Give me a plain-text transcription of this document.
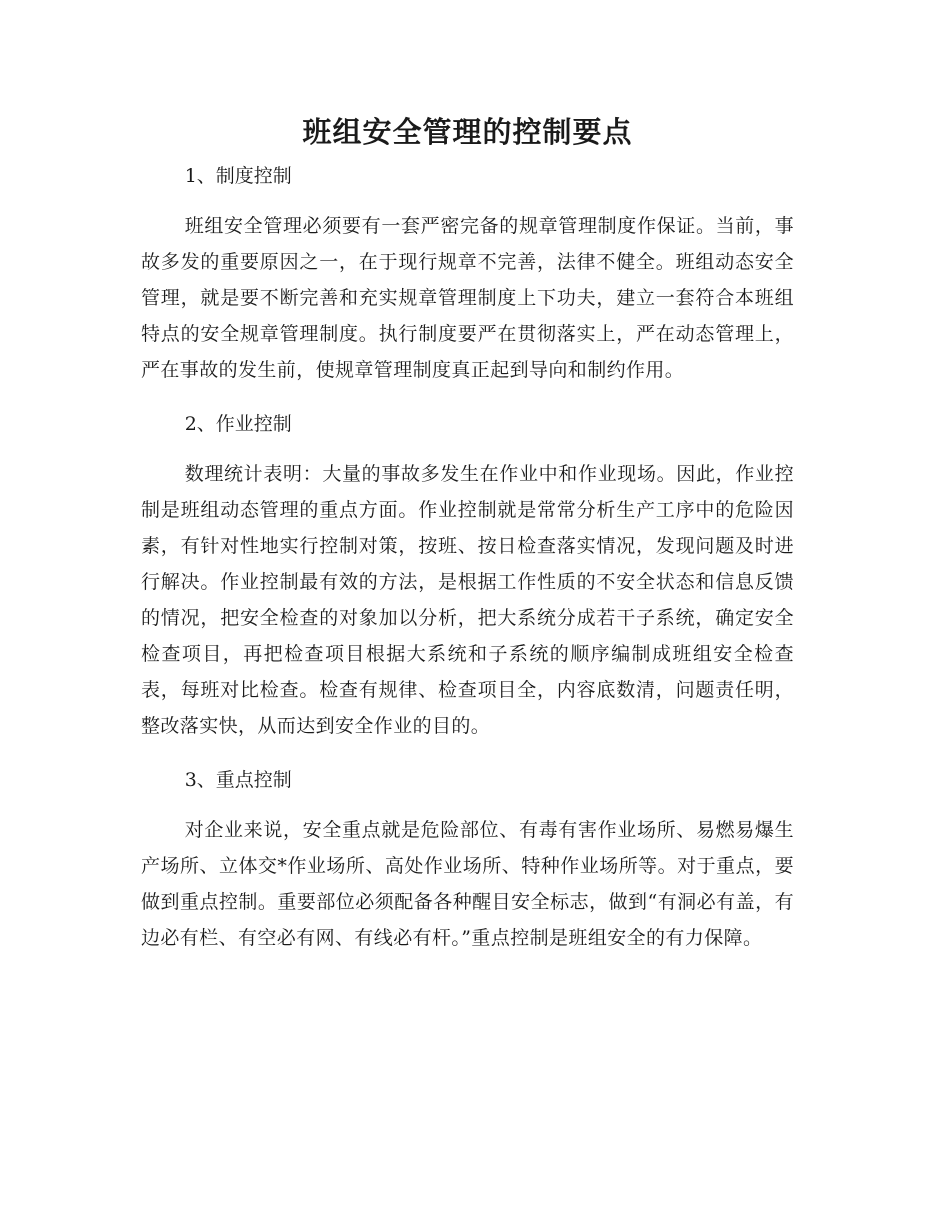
班组安全管理的控制要点

1、制度控制

班组安全管理必须要有一套严密完备的规章管理制度作保证。当前，事故多发的重要原因之一，在于现行规章不完善，法律不健全。班组动态安全管理，就是要不断完善和充实规章管理制度上下功夫，建立一套符合本班组特点的安全规章管理制度。执行制度要严在贯彻落实上，严在动态管理上，严在事故的发生前，使规章管理制度真正起到导向和制约作用。

2、作业控制

数理统计表明：大量的事故多发生在作业中和作业现场。因此，作业控制是班组动态管理的重点方面。作业控制就是常常分析生产工序中的危险因素，有针对性地实行控制对策，按班、按日检查落实情况，发现问题及时进行解决。作业控制最有效的方法，是根据工作性质的不安全状态和信息反馈的情况，把安全检查的对象加以分析，把大系统分成若干子系统，确定安全检查项目，再把检查项目根据大系统和子系统的顺序编制成班组安全检查表，每班对比检查。检查有规律、检查项目全，内容底数清，问题责任明，整改落实快，从而达到安全作业的目的。

3、重点控制

对企业来说，安全重点就是危险部位、有毒有害作业场所、易燃易爆生产场所、立体交*作业场所、高处作业场所、特种作业场所等。对于重点，要做到重点控制。重要部位必须配备各种醒目安全标志，做到“有洞必有盖，有边必有栏、有空必有网、有线必有杆。”重点控制是班组安全的有力保障。
